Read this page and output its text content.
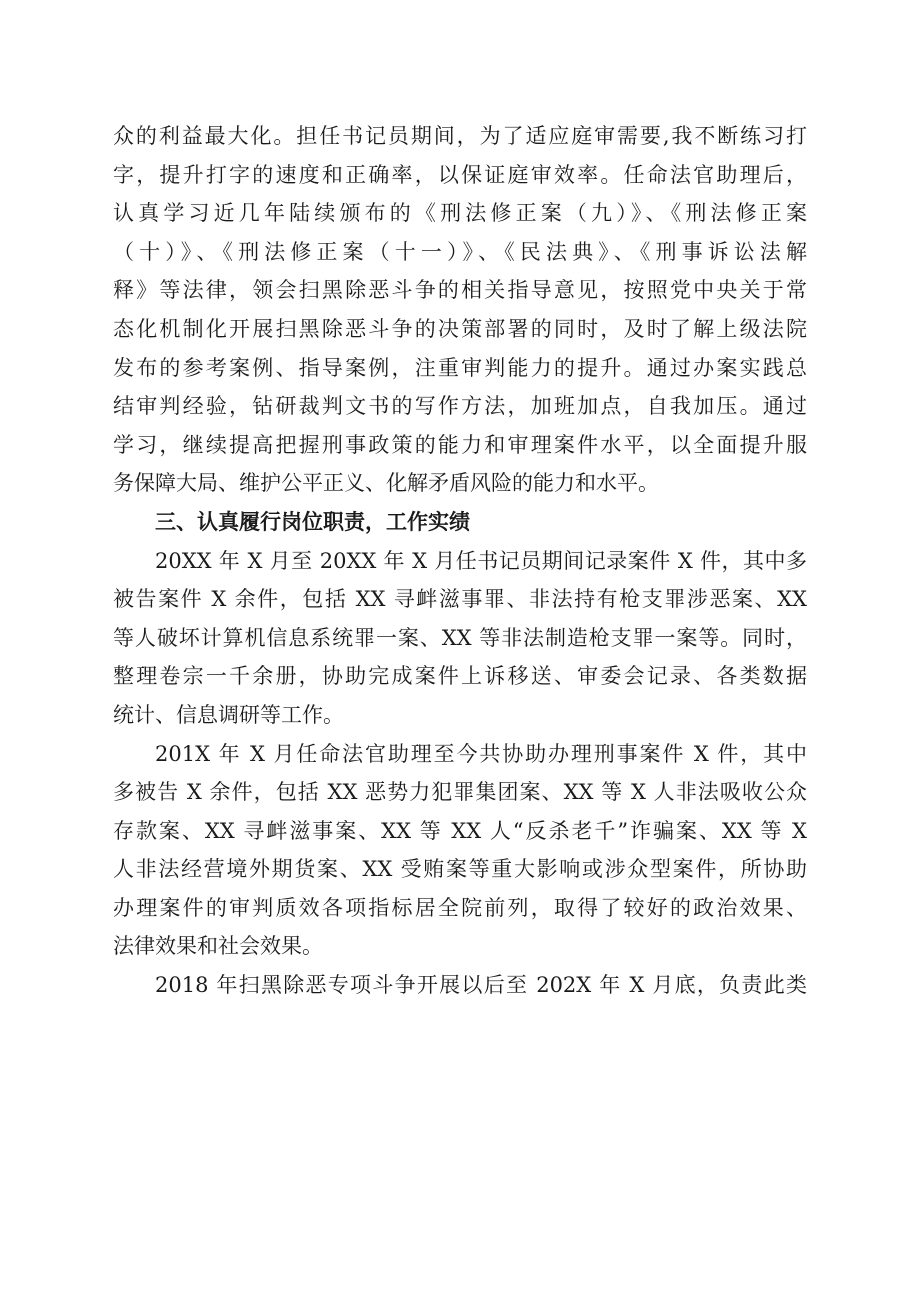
众的利益最大化。担任书记员期间，为了适应庭审需要,我不断练习打
字，提升打字的速度和正确率，以保证庭审效率。任命法官助理后，
认真学习近几年陆续颁布的《刑法修正案（九）》、《刑法修正案
（十）》、《刑法修正案（十一）》、《民法典》、《刑事诉讼法解
释》等法律，领会扫黑除恶斗争的相关指导意见，按照党中央关于常
态化机制化开展扫黑除恶斗争的决策部署的同时，及时了解上级法院
发布的参考案例、指导案例，注重审判能力的提升。通过办案实践总
结审判经验，钻研裁判文书的写作方法，加班加点，自我加压。通过
学习，继续提高把握刑事政策的能力和审理案件水平，以全面提升服
务保障大局、维护公平正义、化解矛盾风险的能力和水平。
三、认真履行岗位职责，工作实绩
20XX 年 X 月至 20XX 年 X 月任书记员期间记录案件 X 件，其中多
被告案件 X 余件，包括 XX 寻衅滋事罪、非法持有枪支罪涉恶案、XX
等人破坏计算机信息系统罪一案、XX 等非法制造枪支罪一案等。同时，
整理卷宗一千余册，协助完成案件上诉移送、审委会记录、各类数据
统计、信息调研等工作。
201X 年 X 月任命法官助理至今共协助办理刑事案件 X 件，其中
多被告 X 余件，包括 XX 恶势力犯罪集团案、XX 等 X 人非法吸收公众
存款案、XX 寻衅滋事案、XX 等 XX 人“反杀老千”诈骗案、XX 等 X
人非法经营境外期货案、XX 受贿案等重大影响或涉众型案件，所协助
办理案件的审判质效各项指标居全院前列，取得了较好的政治效果、
法律效果和社会效果。
2018 年扫黑除恶专项斗争开展以后至 202X 年 X 月底，负责此类
